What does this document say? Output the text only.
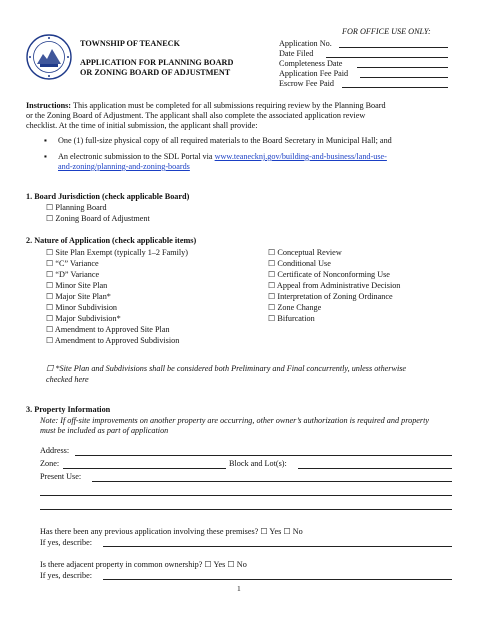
FOR OFFICE USE ONLY:
TOWNSHIP OF TEANECK
APPLICATION FOR PLANNING BOARD
OR ZONING BOARD OF ADJUSTMENT
Application No.
Date Filed
Completeness Date
Application Fee Paid
Escrow Fee Paid
Instructions: This application must be completed for all submissions requiring review by the Planning Board
or the Zoning Board of Adjustment. The applicant shall also complete the associated application review
checklist. At the time of initial submission, the applicant shall provide:
▪ One (1) full-size physical copy of all required materials to the Board Secretary in Municipal Hall; and
▪ An electronic submission to the SDL Portal via www.teanecknj.gov/building-and-business/land-use-
and-zoning/planning-and-zoning-boards
1. Board Jurisdiction (check applicable Board)
☐ Planning Board
☐ Zoning Board of Adjustment
2. Nature of Application (check applicable items)
☐ Site Plan Exempt (typically 1–2 Family)
☐ “C” Variance
☐ “D” Variance
☐ Minor Site Plan
☐ Major Site Plan*
☐ Minor Subdivision
☐ Major Subdivision*
☐ Amendment to Approved Site Plan
☐ Amendment to Approved Subdivision
☐ Conceptual Review
☐ Conditional Use
☐ Certificate of Nonconforming Use
☐ Appeal from Administrative Decision
☐ Interpretation of Zoning Ordinance
☐ Zone Change
☐ Bifurcation
☐ *Site Plan and Subdivisions shall be considered both Preliminary and Final concurrently, unless otherwise
checked here
3. Property Information
Note: If off-site improvements on another property are occurring, other owner’s authorization is required and property
must be included as part of application
Address:
Zone:	Block and Lot(s):
Present Use:
Has there been any previous application involving these premises? ☐ Yes ☐ No
If yes, describe:
Is there adjacent property in common ownership? ☐ Yes ☐ No
If yes, describe:
1
